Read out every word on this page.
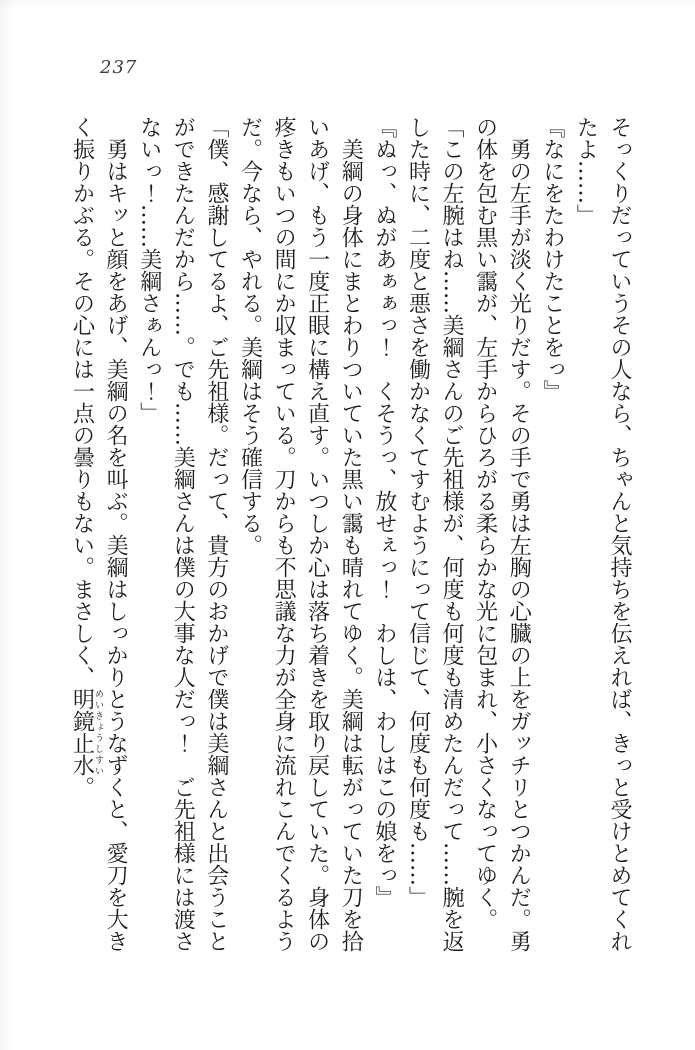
237

そっくりだっていうその人なら、ちゃんと気持ちを伝えれば、きっと受けとめてくれたよ……」

『なにをたわけたことをっ』

　勇の左手が淡く光りだす。その手で勇は左胸の心臓の上をガッチリとつかんだ。勇の体を包む黒い靄が、左手からひろがる柔らかな光に包まれ、小さくなってゆく。

「この左腕はね……美綱さんのご先祖様が、何度も何度も清めたんだって……腕を返した時に、二度と悪さを働かなくてすむようにって信じて、何度も何度も……」

『ぬっ、ぬがあぁぁっ！　くそうっ、放せぇっ！　わしは、わしはこの娘をっ』

　美綱の身体にまとわりついていた黒い靄も晴れてゆく。美綱は転がっていた刀を拾いあげ、もう一度正眼に構え直す。いつしか心は落ち着きを取り戻していた。身体の疼きもいつの間にか収まっている。刀からも不思議な力が全身に流れこんでくるようだ。今なら、やれる。美綱はそう確信する。

「僕、感謝してるよ、ご先祖様。だって、貴方のおかげで僕は美綱さんと出会うことができたんだから……。でも……美綱さんは僕の大事な人だっ！　ご先祖様には渡さないっ！……美綱さぁんっ！」

　勇はキッと顔をあげ、美綱の名を叫ぶ。美綱はしっかりとうなずくと、愛刀を大きく振りかぶる。その心には一点の曇りもない。まさしく、明鏡止水めいきょうしすい。
